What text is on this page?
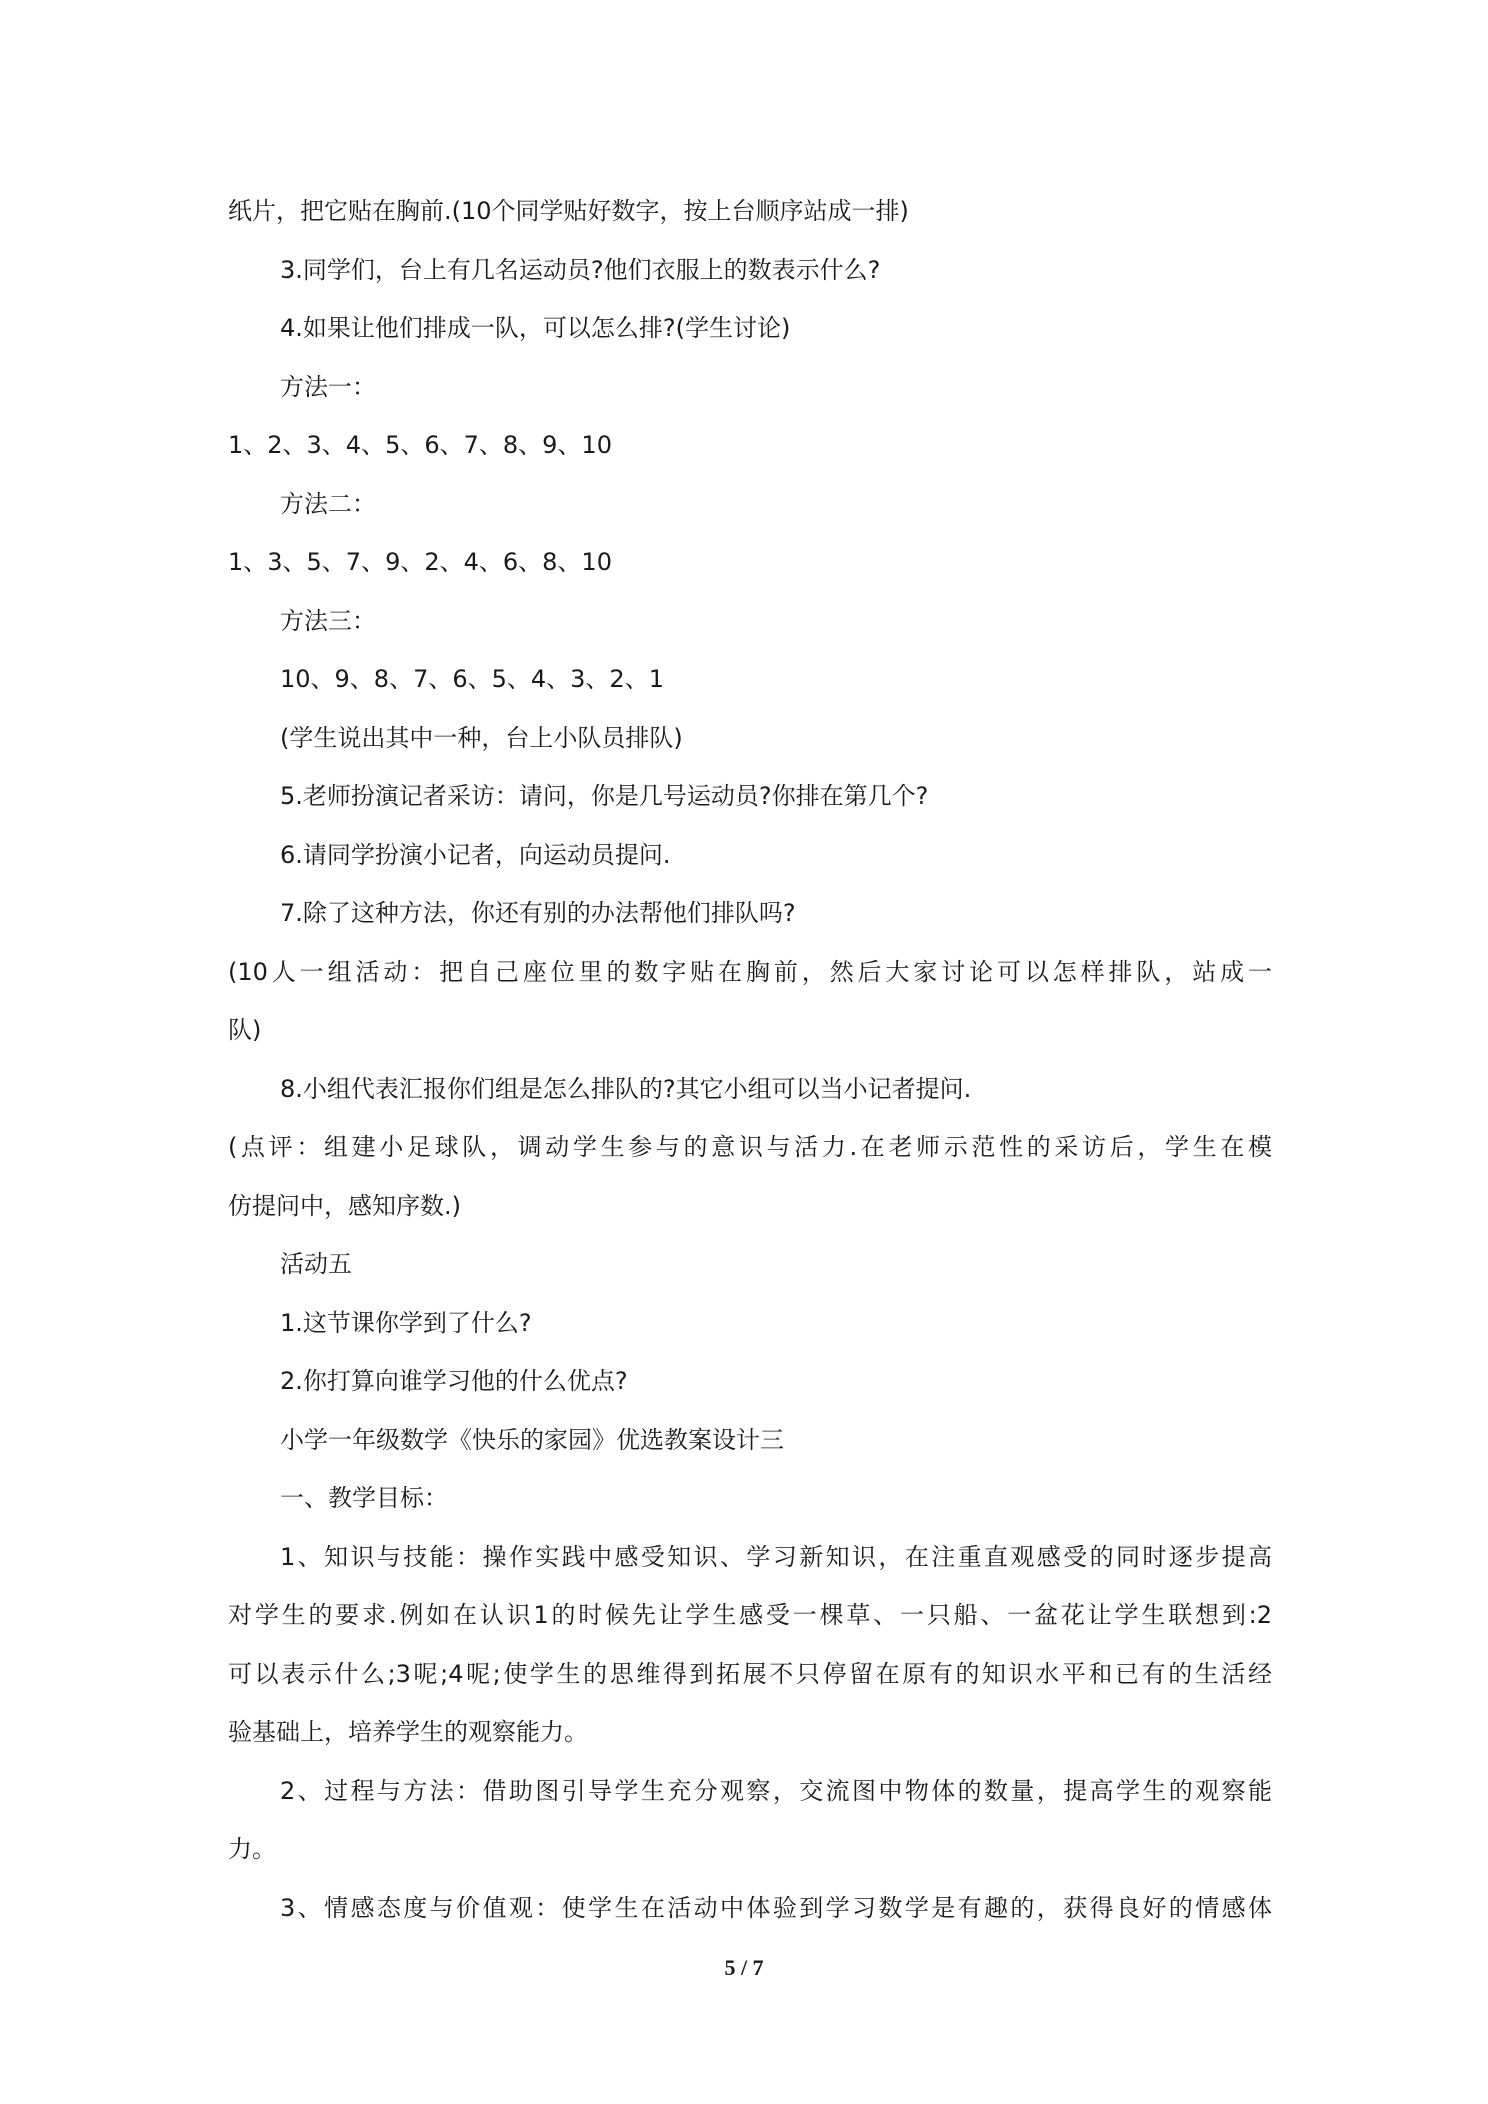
纸片，把它贴在胸前.(10个同学贴好数字，按上台顺序站成一排)
3.同学们，台上有几名运动员?他们衣服上的数表示什么?
4.如果让他们排成一队，可以怎么排?(学生讨论)
方法一：
1、2、3、4、5、6、7、8、9、10
方法二：
1、3、5、7、9、2、4、6、8、10
方法三：
10、9、8、7、6、5、4、3、2、1
(学生说出其中一种，台上小队员排队)
5.老师扮演记者采访：请问，你是几号运动员?你排在第几个?
6.请同学扮演小记者，向运动员提问.
7.除了这种方法，你还有别的办法帮他们排队吗?
(10人一组活动：把自己座位里的数字贴在胸前，然后大家讨论可以怎样排队，站成一
队)
8.小组代表汇报你们组是怎么排队的?其它小组可以当小记者提问.
(点评：组建小足球队，调动学生参与的意识与活力.在老师示范性的采访后，学生在模
仿提问中，感知序数.)
活动五
1.这节课你学到了什么?
2.你打算向谁学习他的什么优点?
小学一年级数学《快乐的家园》优选教案设计三
一、教学目标：
1、知识与技能：操作实践中感受知识、学习新知识，在注重直观感受的同时逐步提高
对学生的要求.例如在认识1的时候先让学生感受一棵草、一只船、一盆花让学生联想到:2
可以表示什么;3呢;4呢;使学生的思维得到拓展不只停留在原有的知识水平和已有的生活经
验基础上，培养学生的观察能力。
2、过程与方法：借助图引导学生充分观察，交流图中物体的数量，提高学生的观察能
力。
3、情感态度与价值观：使学生在活动中体验到学习数学是有趣的，获得良好的情感体
5 / 7
